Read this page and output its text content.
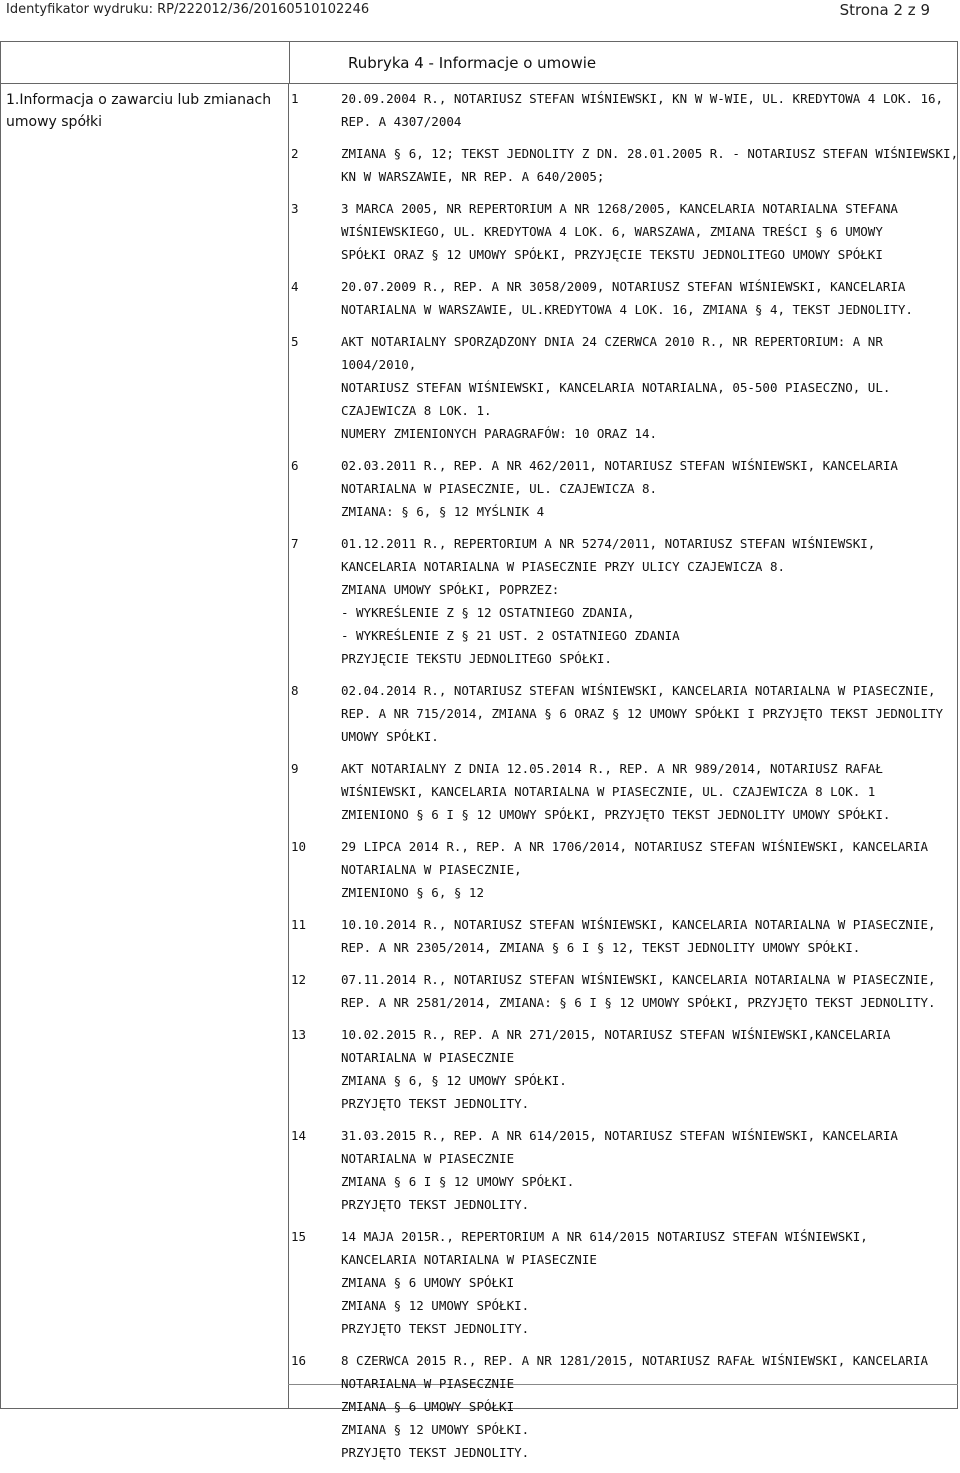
Identyfikator wydruku: RP/222012/36/20160510102246	Strona 2 z 9
Rubryka 4 - Informacje o umowie
1.Informacja o zawarciu lub zmianach
umowy spółki
1	20.09.2004 R., NOTARIUSZ STEFAN WIŚNIEWSKI, KN W W-WIE, UL. KREDYTOWA 4 LOK. 16,
REP. A 4307/2004
2	ZMIANA § 6, 12; TEKST JEDNOLITY Z DN. 28.01.2005 R. - NOTARIUSZ STEFAN WIŚNIEWSKI,
KN W WARSZAWIE, NR REP. A 640/2005;
3	3 MARCA 2005, NR REPERTORIUM A NR 1268/2005, KANCELARIA NOTARIALNA STEFANA
WIŚNIEWSKIEGO, UL. KREDYTOWA 4 LOK. 6, WARSZAWA, ZMIANA TREŚCI § 6 UMOWY
SPÓŁKI ORAZ § 12 UMOWY SPÓŁKI, PRZYJĘCIE TEKSTU JEDNOLITEGO UMOWY SPÓŁKI
4	20.07.2009 R., REP. A NR 3058/2009, NOTARIUSZ STEFAN WIŚNIEWSKI, KANCELARIA
NOTARIALNA W WARSZAWIE, UL.KREDYTOWA 4 LOK. 16, ZMIANA § 4, TEKST JEDNOLITY.
5	AKT NOTARIALNY SPORZĄDZONY DNIA 24 CZERWCA 2010 R., NR REPERTORIUM: A NR
1004/2010,
NOTARIUSZ STEFAN WIŚNIEWSKI, KANCELARIA NOTARIALNA, 05-500 PIASECZNO, UL.
CZAJEWICZA 8 LOK. 1.
NUMERY ZMIENIONYCH PARAGRAFÓW: 10 ORAZ 14.
6	02.03.2011 R., REP. A NR 462/2011, NOTARIUSZ STEFAN WIŚNIEWSKI, KANCELARIA
NOTARIALNA W PIASECZNIE, UL. CZAJEWICZA 8.
ZMIANA: § 6, § 12 MYŚLNIK 4
7	01.12.2011 R., REPERTORIUM A NR 5274/2011, NOTARIUSZ STEFAN WIŚNIEWSKI,
KANCELARIA NOTARIALNA W PIASECZNIE PRZY ULICY CZAJEWICZA 8.
ZMIANA UMOWY SPÓŁKI, POPRZEZ:
- WYKREŚLENIE Z § 12 OSTATNIEGO ZDANIA,
- WYKREŚLENIE Z § 21 UST. 2 OSTATNIEGO ZDANIA
PRZYJĘCIE TEKSTU JEDNOLITEGO SPÓŁKI.
8	02.04.2014 R., NOTARIUSZ STEFAN WIŚNIEWSKI, KANCELARIA NOTARIALNA W PIASECZNIE,
REP. A NR 715/2014, ZMIANA § 6 ORAZ § 12 UMOWY SPÓŁKI I PRZYJĘTO TEKST JEDNOLITY
UMOWY SPÓŁKI.
9	AKT NOTARIALNY Z DNIA 12.05.2014 R., REP. A NR 989/2014, NOTARIUSZ RAFAŁ
WIŚNIEWSKI, KANCELARIA NOTARIALNA W PIASECZNIE, UL. CZAJEWICZA 8 LOK. 1
ZMIENIONO § 6 I § 12 UMOWY SPÓŁKI, PRZYJĘTO TEKST JEDNOLITY UMOWY SPÓŁKI.
10	29 LIPCA 2014 R., REP. A NR 1706/2014, NOTARIUSZ STEFAN WIŚNIEWSKI, KANCELARIA
NOTARIALNA W PIASECZNIE,
ZMIENIONO § 6, § 12
11	10.10.2014 R., NOTARIUSZ STEFAN WIŚNIEWSKI, KANCELARIA NOTARIALNA W PIASECZNIE,
REP. A NR 2305/2014, ZMIANA § 6 I § 12, TEKST JEDNOLITY UMOWY SPÓŁKI.
12	07.11.2014 R., NOTARIUSZ STEFAN WIŚNIEWSKI, KANCELARIA NOTARIALNA W PIASECZNIE,
REP. A NR 2581/2014, ZMIANA: § 6 I § 12 UMOWY SPÓŁKI, PRZYJĘTO TEKST JEDNOLITY.
13	10.02.2015 R., REP. A NR 271/2015, NOTARIUSZ STEFAN WIŚNIEWSKI,KANCELARIA
NOTARIALNA W PIASECZNIE
ZMIANA § 6, § 12 UMOWY SPÓŁKI.
PRZYJĘTO TEKST JEDNOLITY.
14	31.03.2015 R., REP. A NR 614/2015, NOTARIUSZ STEFAN WIŚNIEWSKI, KANCELARIA
NOTARIALNA W PIASECZNIE
ZMIANA § 6 I § 12 UMOWY SPÓŁKI.
PRZYJĘTO TEKST JEDNOLITY.
15	14 MAJA 2015R., REPERTORIUM A NR 614/2015 NOTARIUSZ STEFAN WIŚNIEWSKI,
KANCELARIA NOTARIALNA W PIASECZNIE
ZMIANA § 6 UMOWY SPÓŁKI
ZMIANA § 12 UMOWY SPÓŁKI.
PRZYJĘTO TEKST JEDNOLITY.
16	8 CZERWCA 2015 R., REP. A NR 1281/2015, NOTARIUSZ RAFAŁ WIŚNIEWSKI, KANCELARIA
NOTARIALNA W PIASECZNIE
ZMIANA § 6 UMOWY SPÓŁKI
ZMIANA § 12 UMOWY SPÓŁKI.
PRZYJĘTO TEKST JEDNOLITY.
